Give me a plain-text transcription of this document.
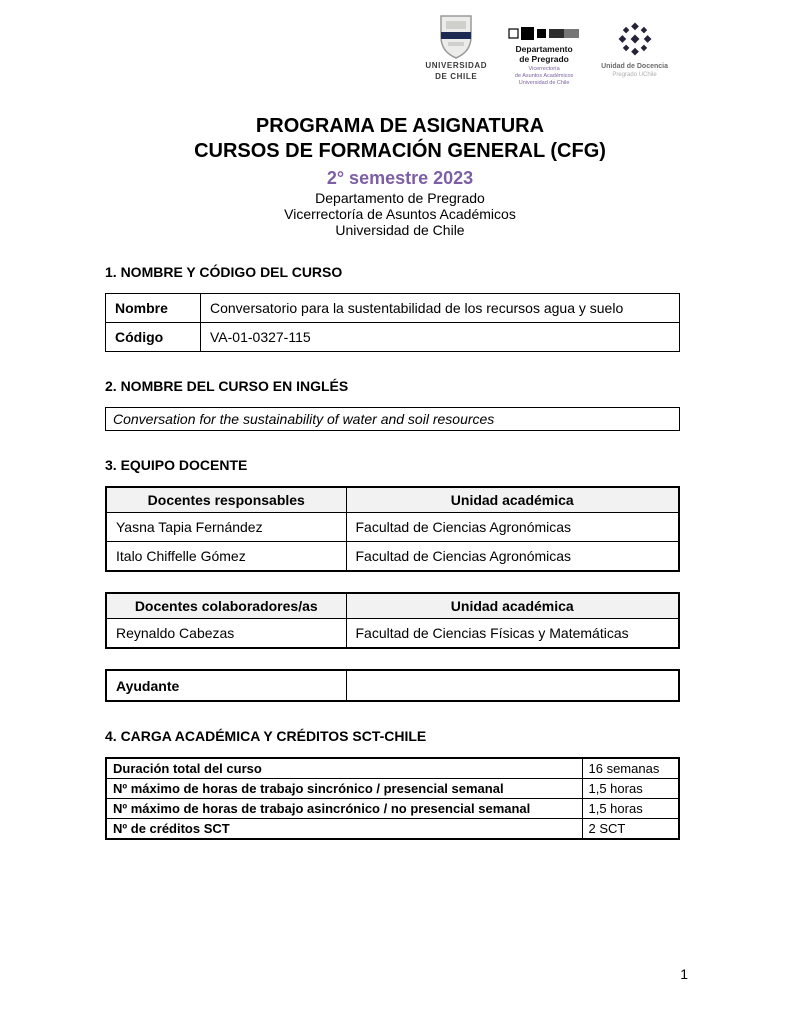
UNIVERSIDAD
DE CHILE
Departamento
de Pregrado
Vicerrectoría
de Asuntos Académicos
Universidad de Chile
Unidad de Docencia
Pregrado UChile
PROGRAMA DE ASIGNATURA
CURSOS DE FORMACIÓN GENERAL (CFG)
2° semestre 2023
Departamento de Pregrado
Vicerrectoría de Asuntos Académicos
Universidad de Chile
1. NOMBRE Y CÓDIGO DEL CURSO
Nombre	Conversatorio para la sustentabilidad de los recursos agua y suelo
Código	VA-01-0327-115
2. NOMBRE DEL CURSO EN INGLÉS
Conversation for the sustainability of water and soil resources
3. EQUIPO DOCENTE
Docentes responsables	Unidad académica
Yasna Tapia Fernández	Facultad de Ciencias Agronómicas
Italo Chiffelle Gómez	Facultad de Ciencias Agronómicas
Docentes colaboradores/as	Unidad académica
Reynaldo Cabezas	Facultad de Ciencias Físicas y Matemáticas
Ayudante	
4. CARGA ACADÉMICA Y CRÉDITOS SCT-CHILE
Duración total del curso	16 semanas
Nº máximo de horas de trabajo sincrónico / presencial semanal	1,5 horas
Nº máximo de horas de trabajo asincrónico / no presencial semanal	1,5 horas
Nº de créditos SCT	2 SCT
1
